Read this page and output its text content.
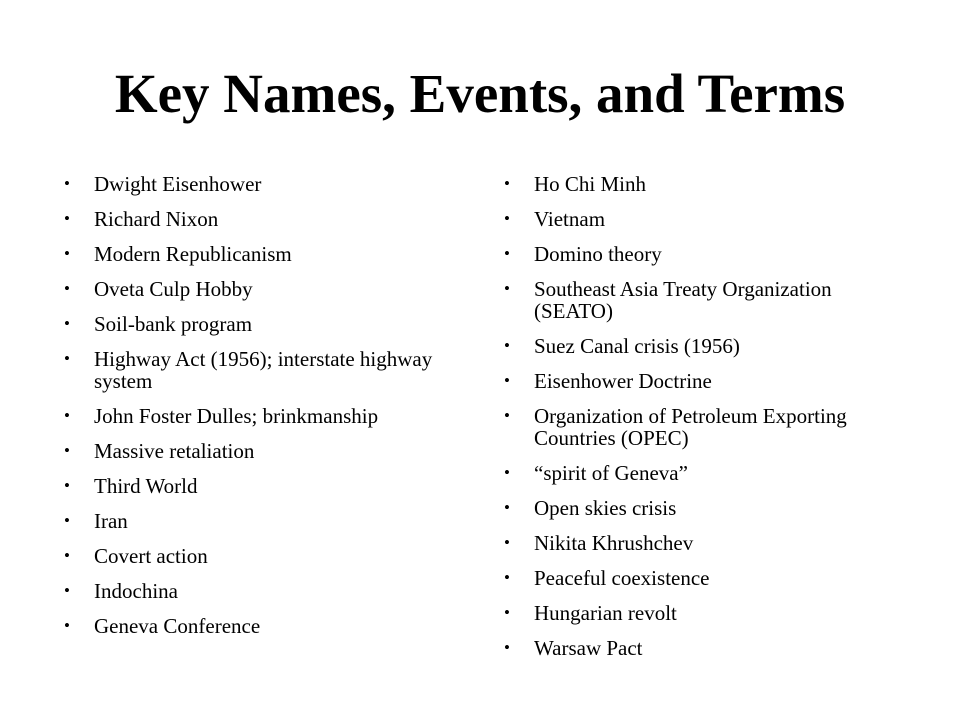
Key Names, Events, and Terms
• Dwight Eisenhower
• Richard Nixon
• Modern Republicanism
• Oveta Culp Hobby
• Soil-bank program
• Highway Act (1956); interstate highway system
• John Foster Dulles; brinkmanship
• Massive retaliation
• Third World
• Iran
• Covert action
• Indochina
• Geneva Conference
• Ho Chi Minh
• Vietnam
• Domino theory
• Southeast Asia Treaty Organization (SEATO)
• Suez Canal crisis (1956)
• Eisenhower Doctrine
• Organization of Petroleum Exporting Countries (OPEC)
• “spirit of Geneva”
• Open skies crisis
• Nikita Khrushchev
• Peaceful coexistence
• Hungarian revolt
• Warsaw Pact
